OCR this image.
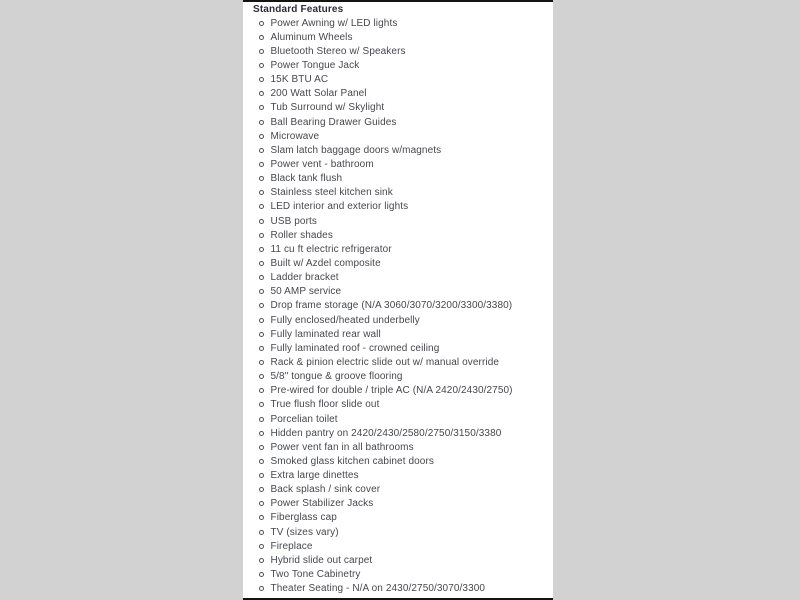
Standard Features
Power Awning w/ LED lights
Aluminum Wheels
Bluetooth Stereo w/ Speakers
Power Tongue Jack
15K BTU AC
200 Watt Solar Panel
Tub Surround w/ Skylight
Ball Bearing Drawer Guides
Microwave
Slam latch baggage doors w/magnets
Power vent - bathroom
Black tank flush
Stainless steel kitchen sink
LED interior and exterior lights
USB ports
Roller shades
11 cu ft electric refrigerator
Built w/ Azdel composite
Ladder bracket
50 AMP service
Drop frame storage (N/A 3060/3070/3200/3300/3380)
Fully enclosed/heated underbelly
Fully laminated rear wall
Fully laminated roof - crowned ceiling
Rack & pinion electric slide out w/ manual override
5/8" tongue & groove flooring
Pre-wired for double / triple AC (N/A 2420/2430/2750)
True flush floor slide out
Porcelian toilet
Hidden pantry on 2420/2430/2580/2750/3150/3380
Power vent fan in all bathrooms
Smoked glass kitchen cabinet doors
Extra large dinettes
Back splash / sink cover
Power Stabilizer Jacks
Fiberglass cap
TV (sizes vary)
Fireplace
Hybrid slide out carpet
Two Tone Cabinetry
Theater Seating - N/A on 2430/2750/3070/3300
